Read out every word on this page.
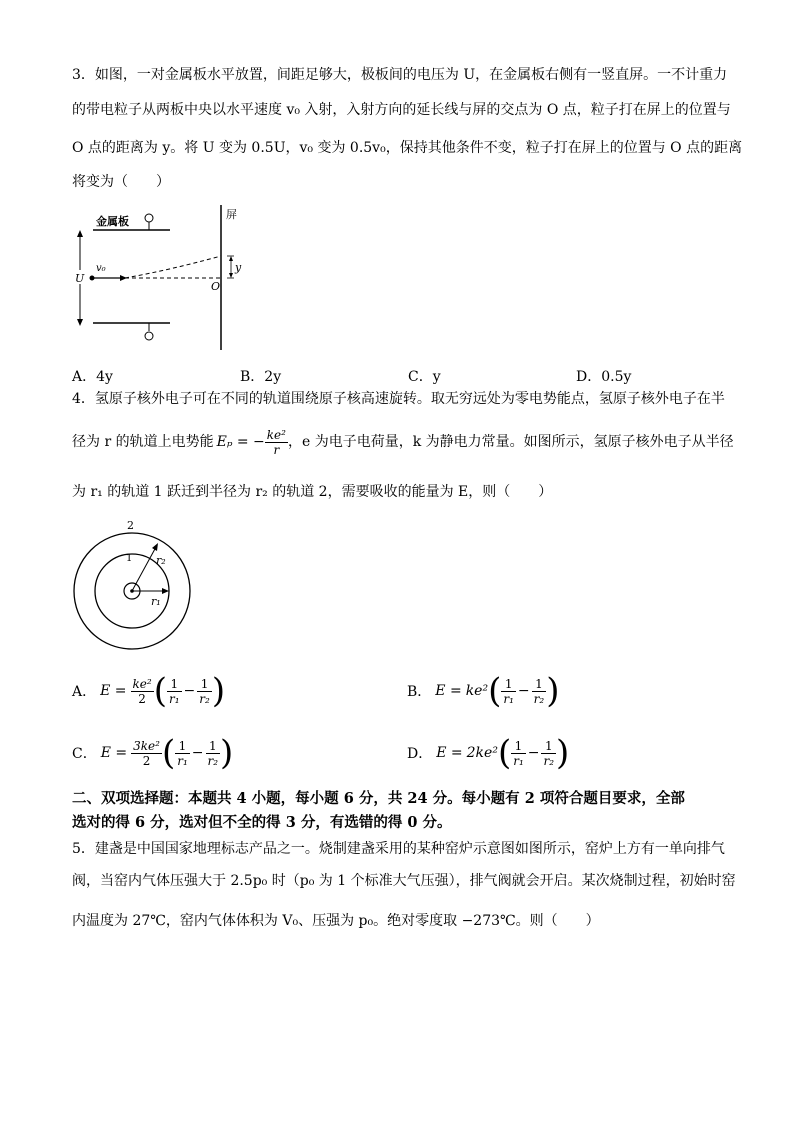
3．如图，一对金属板水平放置，间距足够大，极板间的电压为 U，在金属板右侧有一竖直屏。一不计重力
的带电粒子从两板中央以水平速度 v₀ 入射，入射方向的延长线与屏的交点为 O 点，粒子打在屏上的位置与
O 点的距离为 y。将 U 变为 0.5U，v₀ 变为 0.5v₀，保持其他条件不变，粒子打在屏上的位置与 O 点的距离
将变为（　　）
金属板
U
屏
v₀	y
O
A．4y	B．2y	C．y	D．0.5y
4．氢原子核外电子可在不同的轨道围绕原子核高速旋转。取无穷远处为零电势能点，氢原子核外电子在半
径为 r 的轨道上电势能 Eₚ = − $\frac{\text{ke²}}{r}$ ，e 为电子电荷量，k 为静电力常量。如图所示，氢原子核外电子从半径
为 r₁ 的轨道 1 跃迁到半径为 r₂ 的轨道 2，需要吸收的能量为 E，则（　　）
2
1 r₂
r₁
A． $E = \frac{\text{ke²}}{2}$ ( $\frac{1}{\text{r₁}} - \frac{1}{\text{r₂}}$ )	B． E = ke² ( $\frac{1}{\text{r₁}} - \frac{1}{\text{r₂}}$ )
C． $E = \frac{\text{3ke²}}{2}$ ( $\frac{1}{\text{r₁}} - \frac{1}{\text{r₂}}$ )	D． E = 2ke² ( $\frac{1}{\text{r₁}} - \frac{1}{\text{r₂}}$ )
二、双项选择题：本题共 4 小题，每小题 6 分，共 24 分。每小题有 2 项符合题目要求，全部
选对的得 6 分，选对但不全的得 3 分，有选错的得 0 分。
5．建盏是中国国家地理标志产品之一。烧制建盏采用的某种窑炉示意图如图所示，窑炉上方有一单向排气
阀，当窑内气体压强大于 2.5p₀ 时（p₀ 为 1 个标准大气压强），排气阀就会开启。某次烧制过程，初始时窑
内温度为 27℃，窑内气体体积为 V₀、压强为 p₀。绝对零度取 −273℃。则（　　）
